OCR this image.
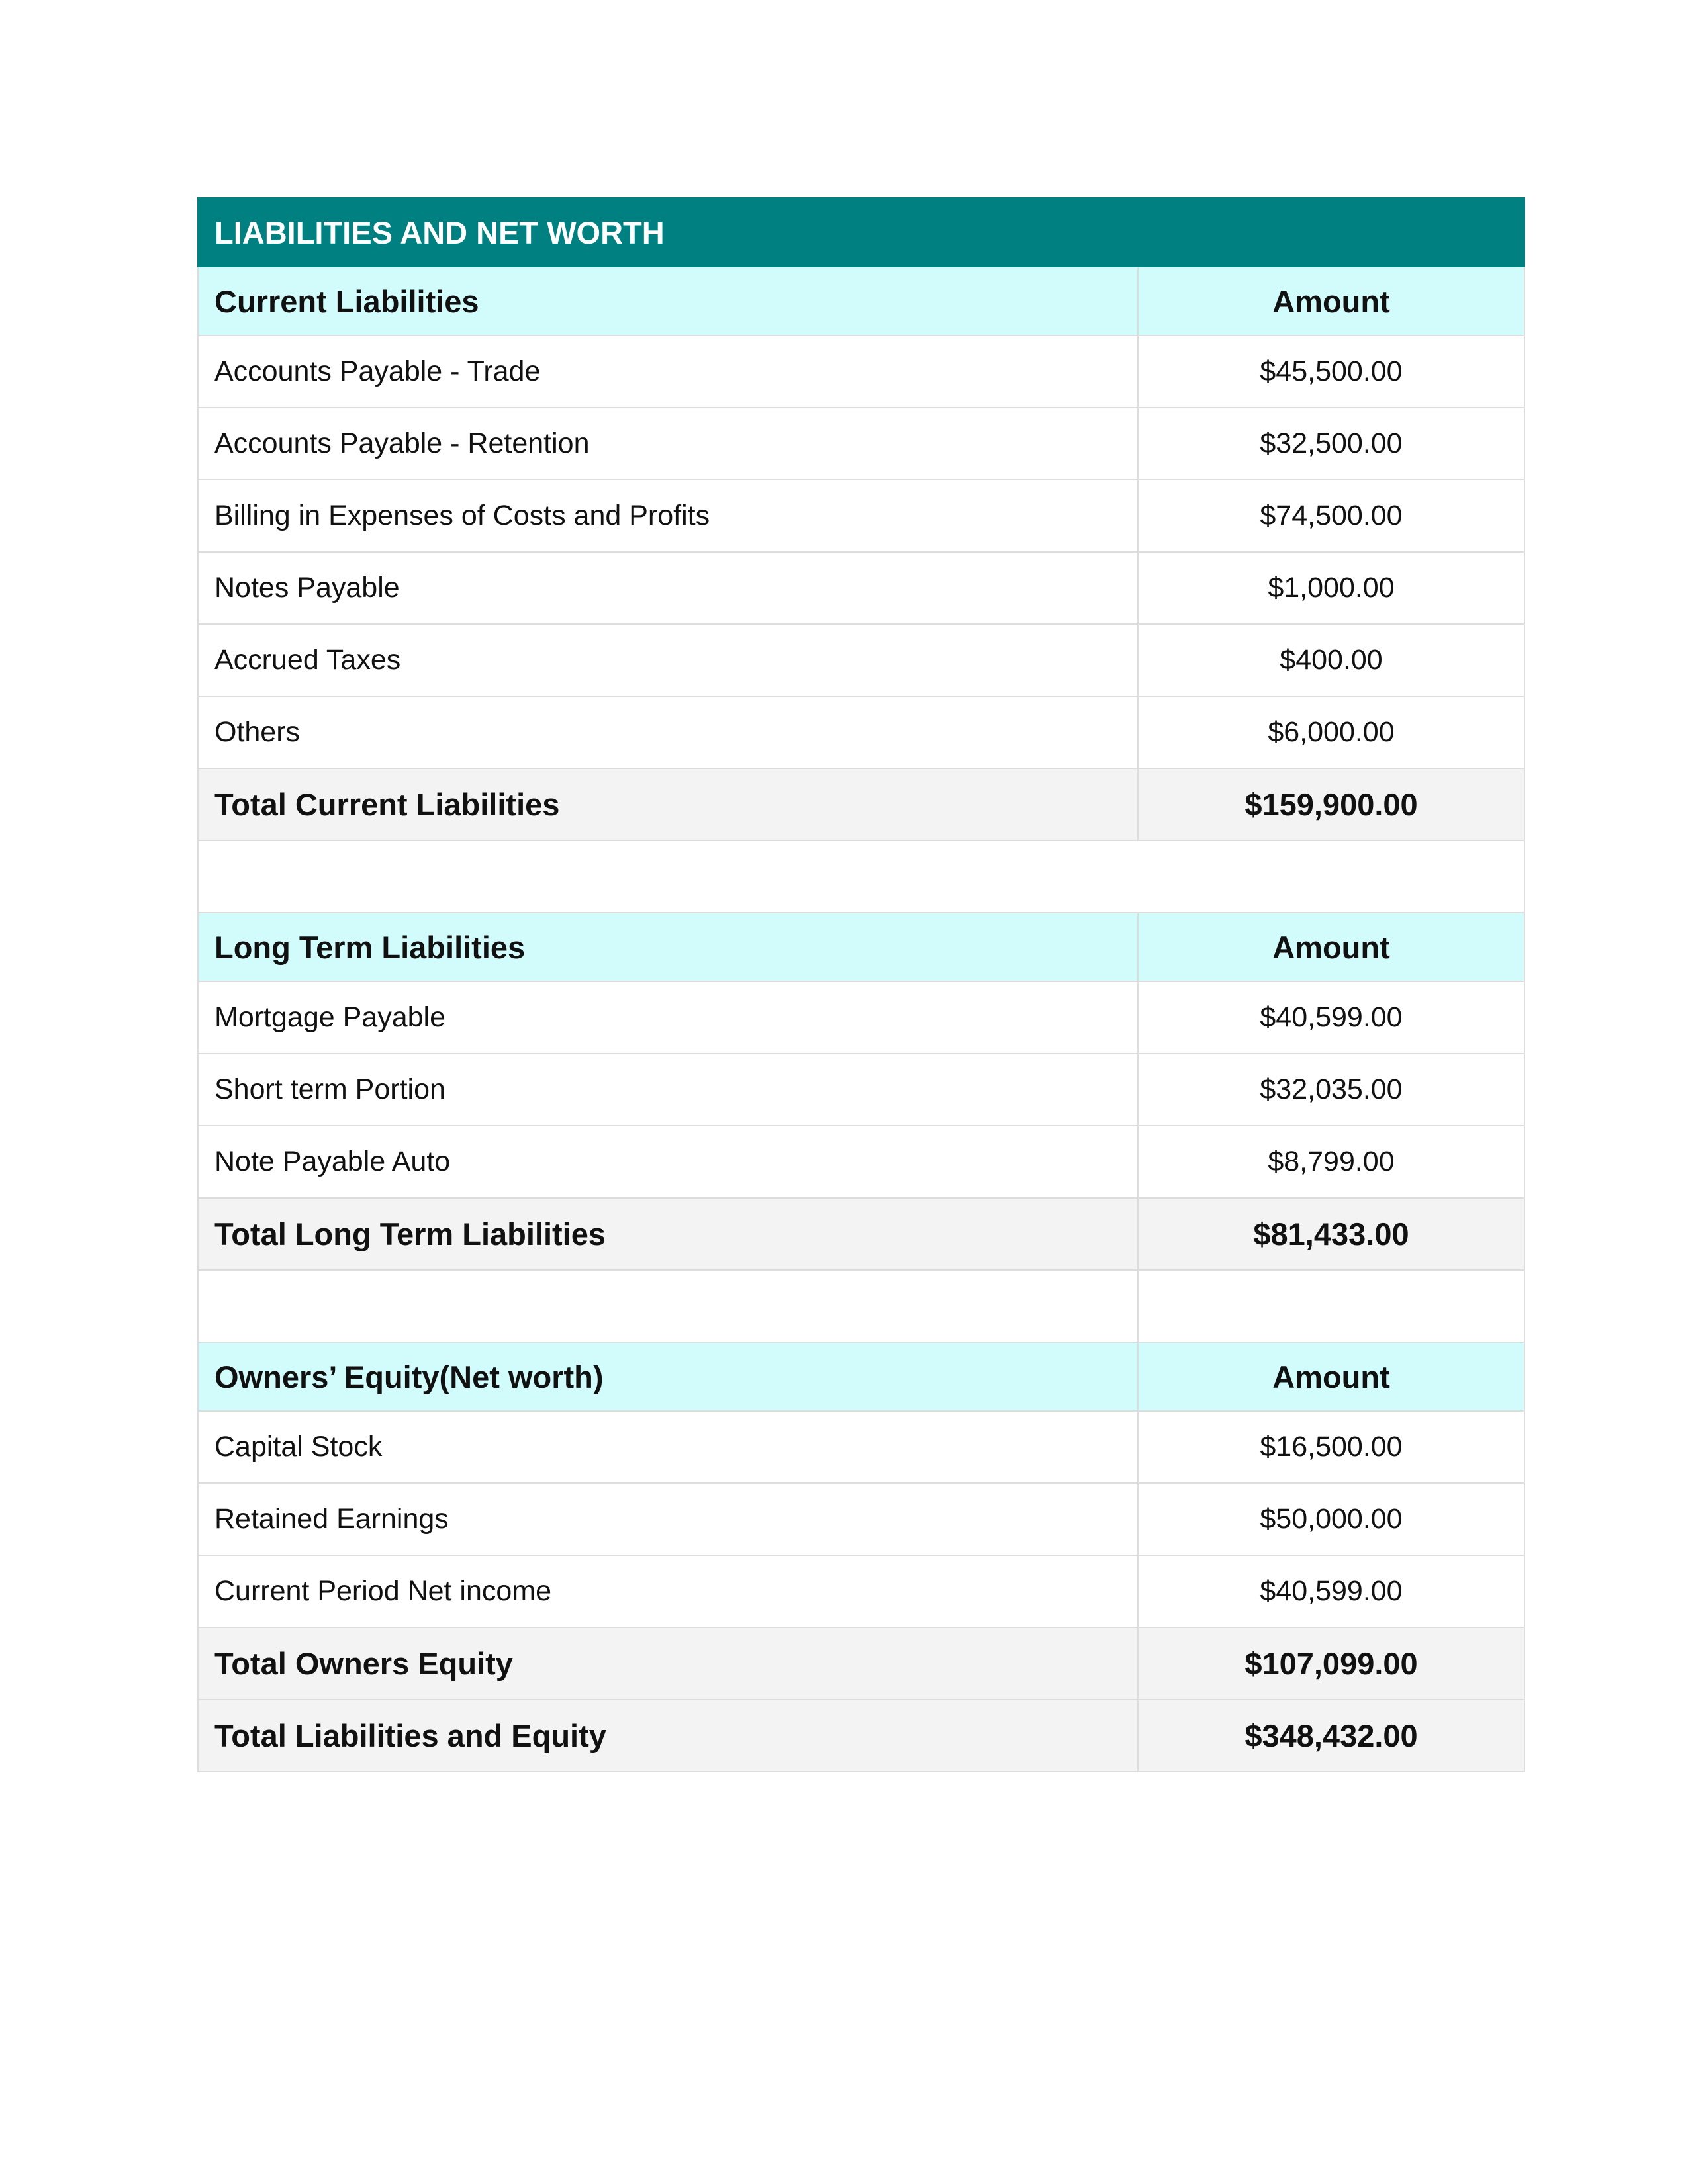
LIABILITIES AND NET WORTH	
Current Liabilities	Amount
Accounts Payable - Trade	$45,500.00
Accounts Payable - Retention	$32,500.00
Billing in Expenses of Costs and Profits	$74,500.00
Notes Payable	$1,000.00
Accrued Taxes	$400.00
Others	$6,000.00
Total Current Liabilities	$159,900.00

Long Term Liabilities	Amount
Mortgage Payable	$40,599.00
Short term Portion	$32,035.00
Note Payable Auto	$8,799.00
Total Long Term Liabilities	$81,433.00

Owners’ Equity(Net worth)	Amount
Capital Stock	$16,500.00
Retained Earnings	$50,000.00
Current Period Net income	$40,599.00
Total Owners Equity	$107,099.00
Total Liabilities and Equity	$348,432.00
